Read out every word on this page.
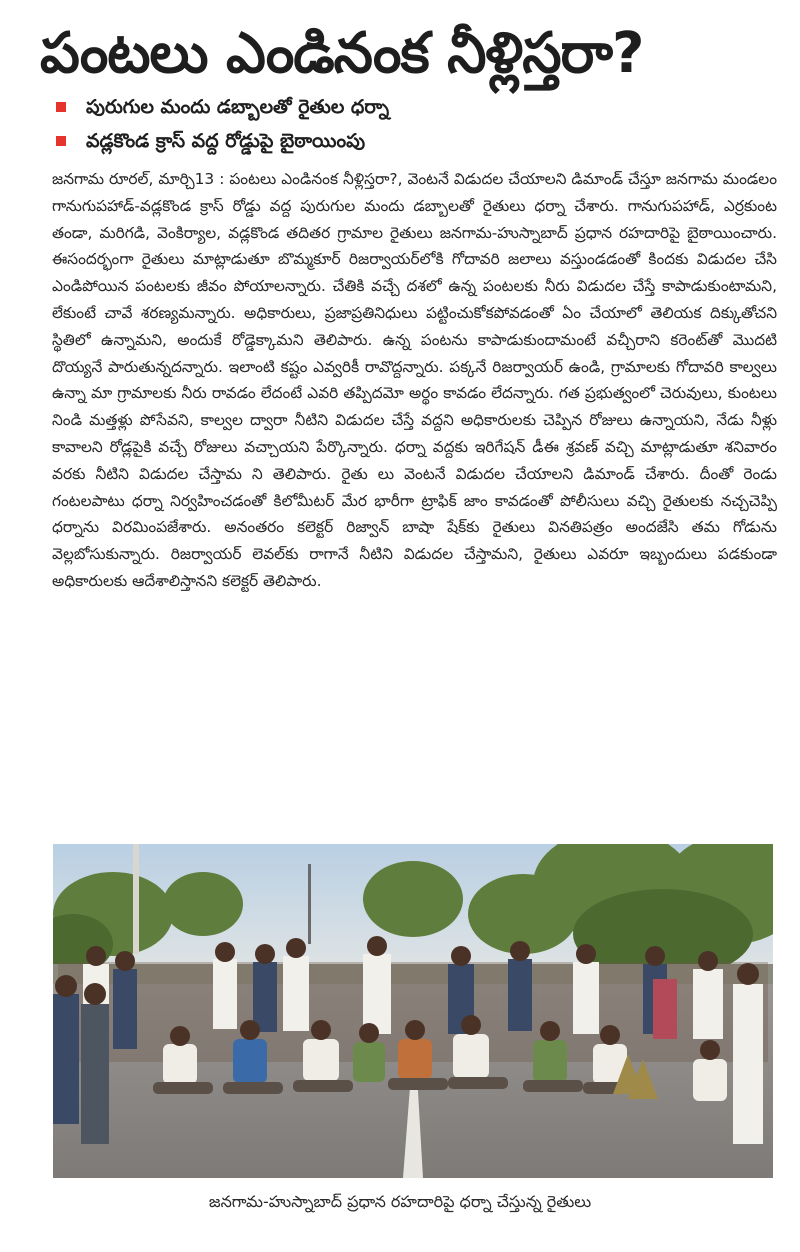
పంటలు ఎండినంక నీళ్లిస్తరా?
పురుగుల మందు డబ్బాలతో రైతుల ధర్నా
వడ్లకొండ క్రాస్ వద్ద రోడ్డుపై బైఠాయింపు

జనగామ రూరల్, మార్చి13 : పంటలు ఎండినంక నీళ్లిస్తరా?, వెంటనే విడుదల చేయాలని డిమాండ్ చేస్తూ జనగామ మండలం గానుగుపహాడ్-వడ్లకొండ క్రాస్ రోడ్డు వద్ద పురుగుల మందు డబ్బాలతో రైతులు ధర్నా చేశారు. గానుగుపహాడ్, ఎర్రకుంట తండా, మరిగడి, వెంకిర్యాల, వడ్లకొండ తదితర గ్రామాల రైతులు జనగామ-హుస్నాబాద్ ప్రధాన రహదారిపై బైఠాయించారు. ఈసందర్భంగా రైతులు మాట్లాడుతూ బొమ్మకూర్ రిజర్వాయర్‌లోకి గోదావరి జలాలు వస్తుండడంతో కిందకు విడుదల చేసి ఎండిపోయిన పంటలకు జీవం పోయాలన్నారు. చేతికి వచ్చే దశలో ఉన్న పంటలకు నీరు విడుదల చేస్తే కాపాడుకుంటామని, లేకుంటే చావే శరణ్యమన్నారు. అధికారులు, ప్రజాప్రతినిధులు పట్టించుకోకపోవడంతో ఏం చేయాలో తెలియక దిక్కుతోచని స్థితిలో ఉన్నామని, అందుకే రోడ్డెక్కామని తెలిపారు. ఉన్న పంటను కాపాడుకుందామంటే వచ్చీరాని కరెంట్‌తో మొదటి దొయ్యనే పారుతున్నదన్నారు. ఇలాంటి కష్టం ఎవ్వరికీ రావొద్దన్నారు. పక్కనే రిజర్వాయర్ ఉండి, గ్రామాలకు గోదావరి కాల్వలు ఉన్నా మా గ్రామాలకు నీరు రావడం లేదంటే ఎవరి తప్పిదమో అర్థం కావడం లేదన్నారు. గత ప్రభుత్వంలో చెరువులు, కుంటలు నిండి మత్తళ్లు పోసేవని, కాల్వల ద్వారా నీటిని విడుదల చేస్తే వద్దని అధికారులకు చెప్పిన రోజులు ఉన్నాయని, నేడు నీళ్లు కావాలని రోడ్లపైకి వచ్చే రోజులు వచ్చాయని పేర్కొన్నారు. ధర్నా వద్దకు ఇరిగేషన్ డీఈ శ్రవణ్ వచ్చి మాట్లాడుతూ శనివారం వరకు నీటిని విడుదల చేస్తామ ని తెలిపారు. రైతు లు వెంటనే విడుదల చేయాలని డిమాండ్ చేశారు. దీంతో రెండు గంటలపాటు ధర్నా నిర్వహించడంతో కిలోమీటర్ మేర భారీగా ట్రాఫిక్ జాం కావడంతో పోలీసులు వచ్చి రైతులకు నచ్చచెప్పి ధర్నాను విరమింపజేశారు. అనంతరం కలెక్టర్ రిజ్వాన్ బాషా షేక్‌కు రైతులు వినతిపత్రం అందజేసి తమ గోడును వెల్లబోసుకున్నారు. రిజర్వాయర్ లెవల్‌కు రాగానే నీటిని విడుదల చేస్తామని, రైతులు ఎవరూ ఇబ్బందులు పడకుండా అధికారులకు ఆదేశాలిస్తానని కలెక్టర్ తెలిపారు.

జనగామ-హుస్నాబాద్ ప్రధాన రహదారిపై ధర్నా చేస్తున్న రైతులు
